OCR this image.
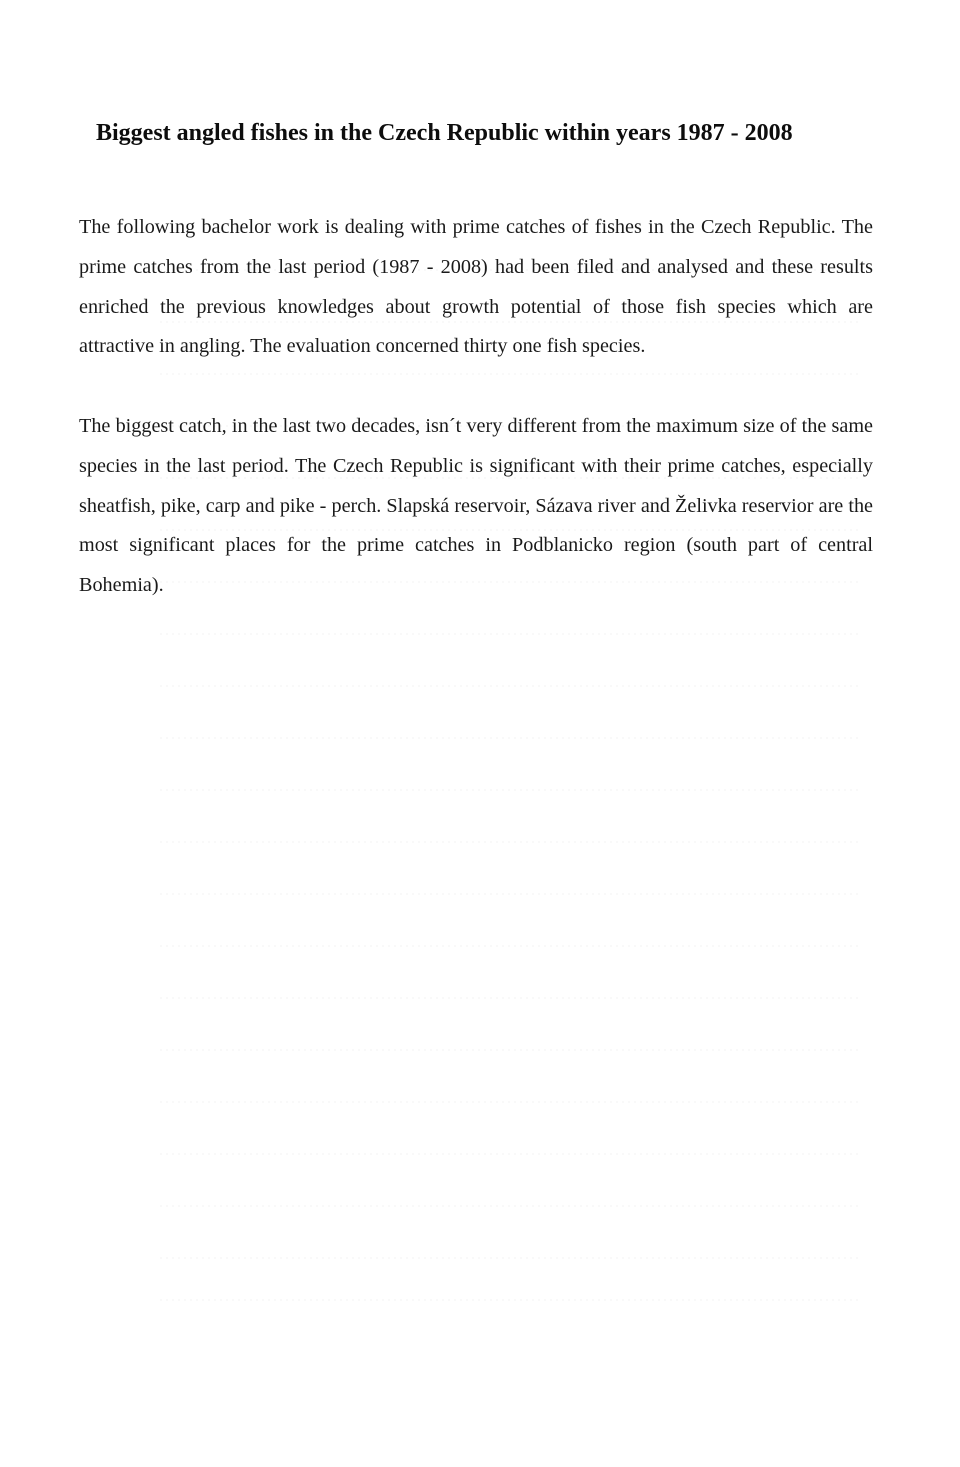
Biggest angled fishes in the Czech Republic within years 1987 - 2008

The following bachelor work is dealing with prime catches of fishes in the Czech Republic. The prime catches from the last period (1987 - 2008) had been filed and analysed and these results enriched the previous knowledges about growth potential of those fish species which are attractive in angling. The evaluation concerned thirty one fish species.

The biggest catch, in the last two decades, isn´t very different from the maximum size of the same species in the last period. The Czech Republic is significant with their prime catches, especially sheatfish, pike, carp and pike - perch. Slapská reservoir, Sázava river and Želivka reservior are the most significant places for the prime catches in Podblanicko region (south part of central Bohemia).
